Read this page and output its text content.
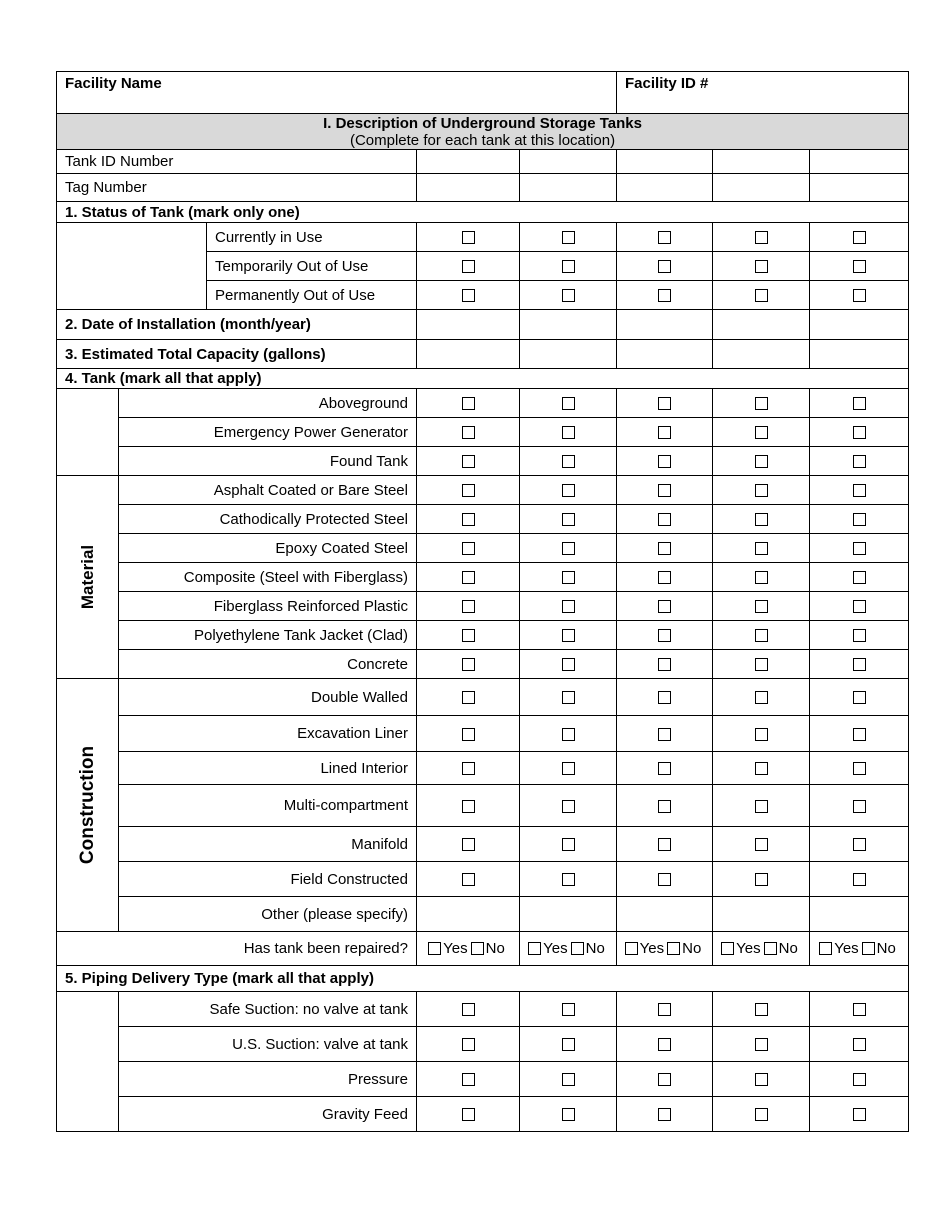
Facility Name					Facility ID #		

I. Description of Underground Storage Tanks
(Complete for each tank at this location)							

Tank ID Number							
Tag Number							
1. Status of Tank (mark only one)							
		Currently in Use					
		Temporarily Out of Use					
		Permanently Out of Use					
2. Date of Installation (month/year)							
3. Estimated Total Capacity (gallons)							
4. Tank (mark all that apply)							
	Aboveground						
	Emergency Power Generator						
	Found Tank						

Material	Asphalt Coated or Bare Steel						
	Cathodically Protected Steel						
	Epoxy Coated Steel						
	Composite (Steel with Fiberglass)						
	Fiberglass Reinforced Plastic						
	Polyethylene Tank Jacket (Clad)						
	Concrete						

Construction	Double Walled						
	Excavation Liner						
	Lined Interior						
	Multi-compartment						
	Manifold						
	Field Constructed						
	Other (please specify)						
Has tank been repaired?			Yes No	Yes No	Yes No	Yes No	Yes No
5. Piping Delivery Type (mark all that apply)							
	Safe Suction: no valve at tank						
	U.S. Suction: valve at tank						
	Pressure						
	Gravity Feed						
